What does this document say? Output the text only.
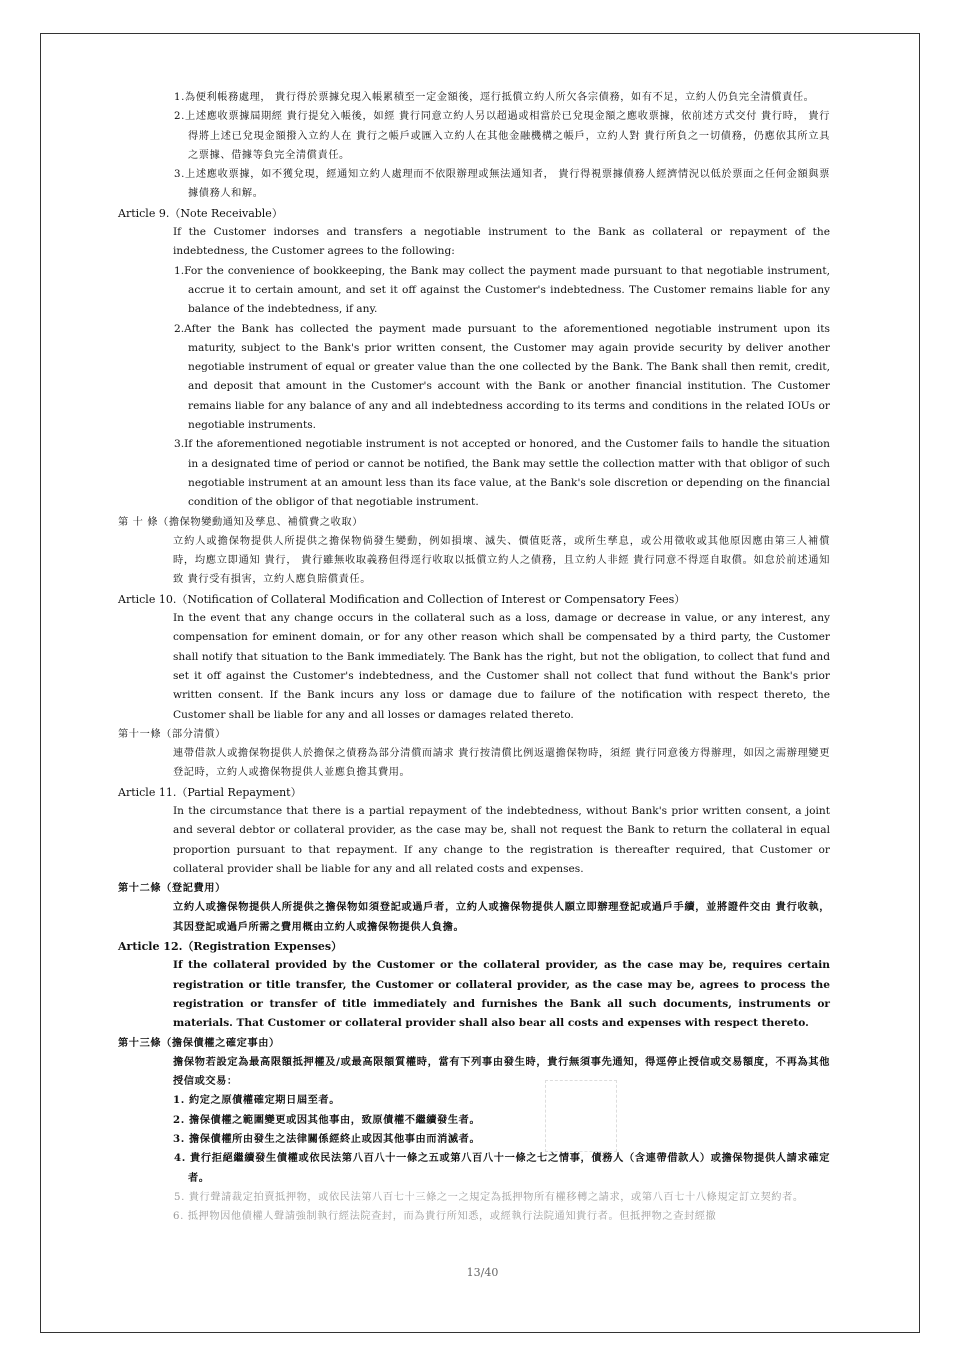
1.為便利帳務處理， 貴行得於票據兌現入帳累積至一定金額後，逕行抵償立約人所欠各宗債務，如有不足，立約人仍負完全清償責任。

2.上述應收票據屆期經 貴行提兌入帳後，如經 貴行同意立約人另以超過或相當於已兌現金額之應收票據，依前述方式交付 貴行時， 貴行得將上述已兌現金額撥入立約人在 貴行之帳戶或匯入立約人在其他金融機構之帳戶，立約人對 貴行所負之一切債務，仍應依其所立具之票據、借據等負完全清償責任。

3.上述應收票據，如不獲兌現，經通知立約人處理而不依限辦理或無法通知者， 貴行得視票據債務人經濟情況以低於票面之任何金額與票據債務人和解。

Article 9.（Note Receivable）

If the Customer indorses and transfers a negotiable instrument to the Bank as collateral or repayment of the indebtedness, the Customer agrees to the following:

1.For the convenience of bookkeeping, the Bank may collect the payment made pursuant to that negotiable instrument, accrue it to certain amount, and set it off against the Customer's indebtedness. The Customer remains liable for any balance of the indebtedness, if any.

2.After the Bank has collected the payment made pursuant to the aforementioned negotiable instrument upon its maturity, subject to the Bank's prior written consent, the Customer may again provide security by deliver another negotiable instrument of equal or greater value than the one collected by the Bank. The Bank shall then remit, credit, and deposit that amount in the Customer's account with the Bank or another financial institution. The Customer remains liable for any balance of any and all indebtedness according to its terms and conditions in the related IOUs or negotiable instruments.

3.If the aforementioned negotiable instrument is not accepted or honored, and the Customer fails to handle the situation in a designated time of period or cannot be notified, the Bank may settle the collection matter with that obligor of such negotiable instrument at an amount less than its face value, at the Bank's sole discretion or depending on the financial condition of the obligor of that negotiable instrument.

第 十 條（擔保物變動通知及孳息、補償費之收取）

立約人或擔保物提供人所提供之擔保物倘發生變動，例如損壞、滅失、價值貶落，或所生孳息，或公用徵收或其他原因應由第三人補償時，均應立即通知 貴行， 貴行雖無收取義務但得逕行收取以抵償立約人之債務，且立約人非經 貴行同意不得逕自取償。如怠於前述通知致 貴行受有損害，立約人應負賠償責任。

Article 10.（Notification of Collateral Modification and Collection of Interest or Compensatory Fees）

In the event that any change occurs in the collateral such as a loss, damage or decrease in value, or any interest, any compensation for eminent domain, or for any other reason which shall be compensated by a third party, the Customer shall notify that situation to the Bank immediately. The Bank has the right, but not the obligation, to collect that fund and set it off against the Customer's indebtedness, and the Customer shall not collect that fund without the Bank's prior written consent. If the Bank incurs any loss or damage due to failure of the notification with respect thereto, the Customer shall be liable for any and all losses or damages related thereto.

第十一條（部分清償）

連帶借款人或擔保物提供人於擔保之債務為部分清償而請求 貴行按清償比例返還擔保物時，須經 貴行同意後方得辦理，如因之需辦理變更登記時，立約人或擔保物提供人並應負擔其費用。

Article 11.（Partial Repayment）

In the circumstance that there is a partial repayment of the indebtedness, without Bank's prior written consent, a joint and several debtor or collateral provider, as the case may be, shall not request the Bank to return the collateral in equal proportion pursuant to that repayment. If any change to the registration is thereafter required, that Customer or collateral provider shall be liable for any and all related costs and expenses.

第十二條（登記費用）

立約人或擔保物提供人所提供之擔保物如須登記或過戶者，立約人或擔保物提供人願立即辦理登記或過戶手續，並將證件交由 貴行收執，其因登記或過戶所需之費用概由立約人或擔保物提供人負擔。

Article 12.（Registration Expenses）

If the collateral provided by the Customer or the collateral provider, as the case may be, requires certain registration or title transfer, the Customer or collateral provider, as the case may be, agrees to process the registration or transfer of title immediately and furnishes the Bank all such documents, instruments or materials. That Customer or collateral provider shall also bear all costs and expenses with respect thereto.

第十三條（擔保債權之確定事由）

擔保物若設定為最高限額抵押權及/或最高限額質權時，當有下列事由發生時，貴行無須事先通知，得逕停止授信或交易額度，不再為其他授信或交易：

1. 約定之原債權確定期日屆至者。

2. 擔保債權之範圍變更或因其他事由，致原債權不繼續發生者。

3. 擔保債權所由發生之法律關係經終止或因其他事由而消滅者。

4. 貴行拒絕繼續發生債權或依民法第八百八十一條之五或第八百八十一條之七之情事，債務人（含連帶借款人）或擔保物提供人請求確定者。

5. 貴行聲請裁定拍賣抵押物，或依民法第八百七十三條之一之規定為抵押物所有權移轉之請求，或第八百七十八條規定訂立契約者。

6. 抵押物因他債權人聲請強制執行經法院查封，而為貴行所知悉，或經執行法院通知貴行者。但抵押物之查封經撤

13/40
